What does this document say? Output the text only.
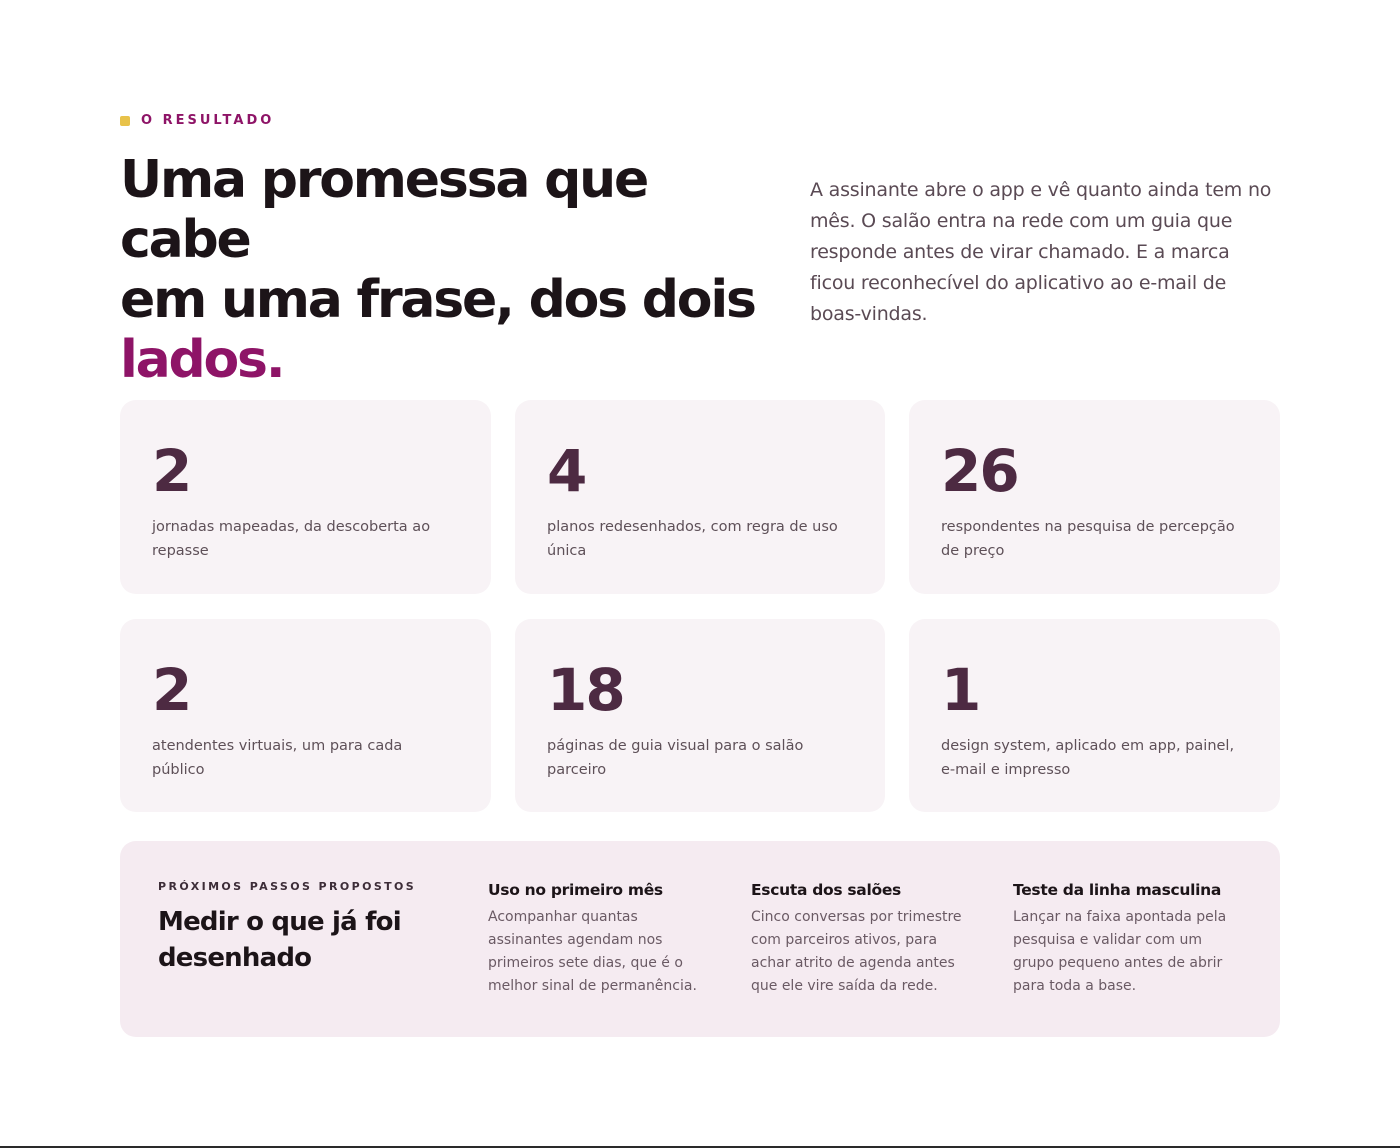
O RESULTADO
Uma promessa que cabe
em uma frase, dos dois
lados.

A assinante abre o app e vê quanto ainda tem no mês. O salão entra na rede com um guia que responde antes de virar chamado. E a marca ficou reconhecível do aplicativo ao e-mail de boas-vindas.

2
jornadas mapeadas, da descoberta ao repasse
4
planos redesenhados, com regra de uso única
26
respondentes na pesquisa de percepção de preço
2
atendentes virtuais, um para cada público
18
páginas de guia visual para o salão parceiro
1
design system, aplicado em app, painel, e-mail e impresso
PRÓXIMOS PASSOS PROPOSTOS
Medir o que já foi desenhado
Uso no primeiro mês
Acompanhar quantas assinantes agendam nos primeiros sete dias, que é o melhor sinal de permanência.
Escuta dos salões
Cinco conversas por trimestre com parceiros ativos, para achar atrito de agenda antes que ele vire saída da rede.
Teste da linha masculina
Lançar na faixa apontada pela pesquisa e validar com um grupo pequeno antes de abrir para toda a base.
